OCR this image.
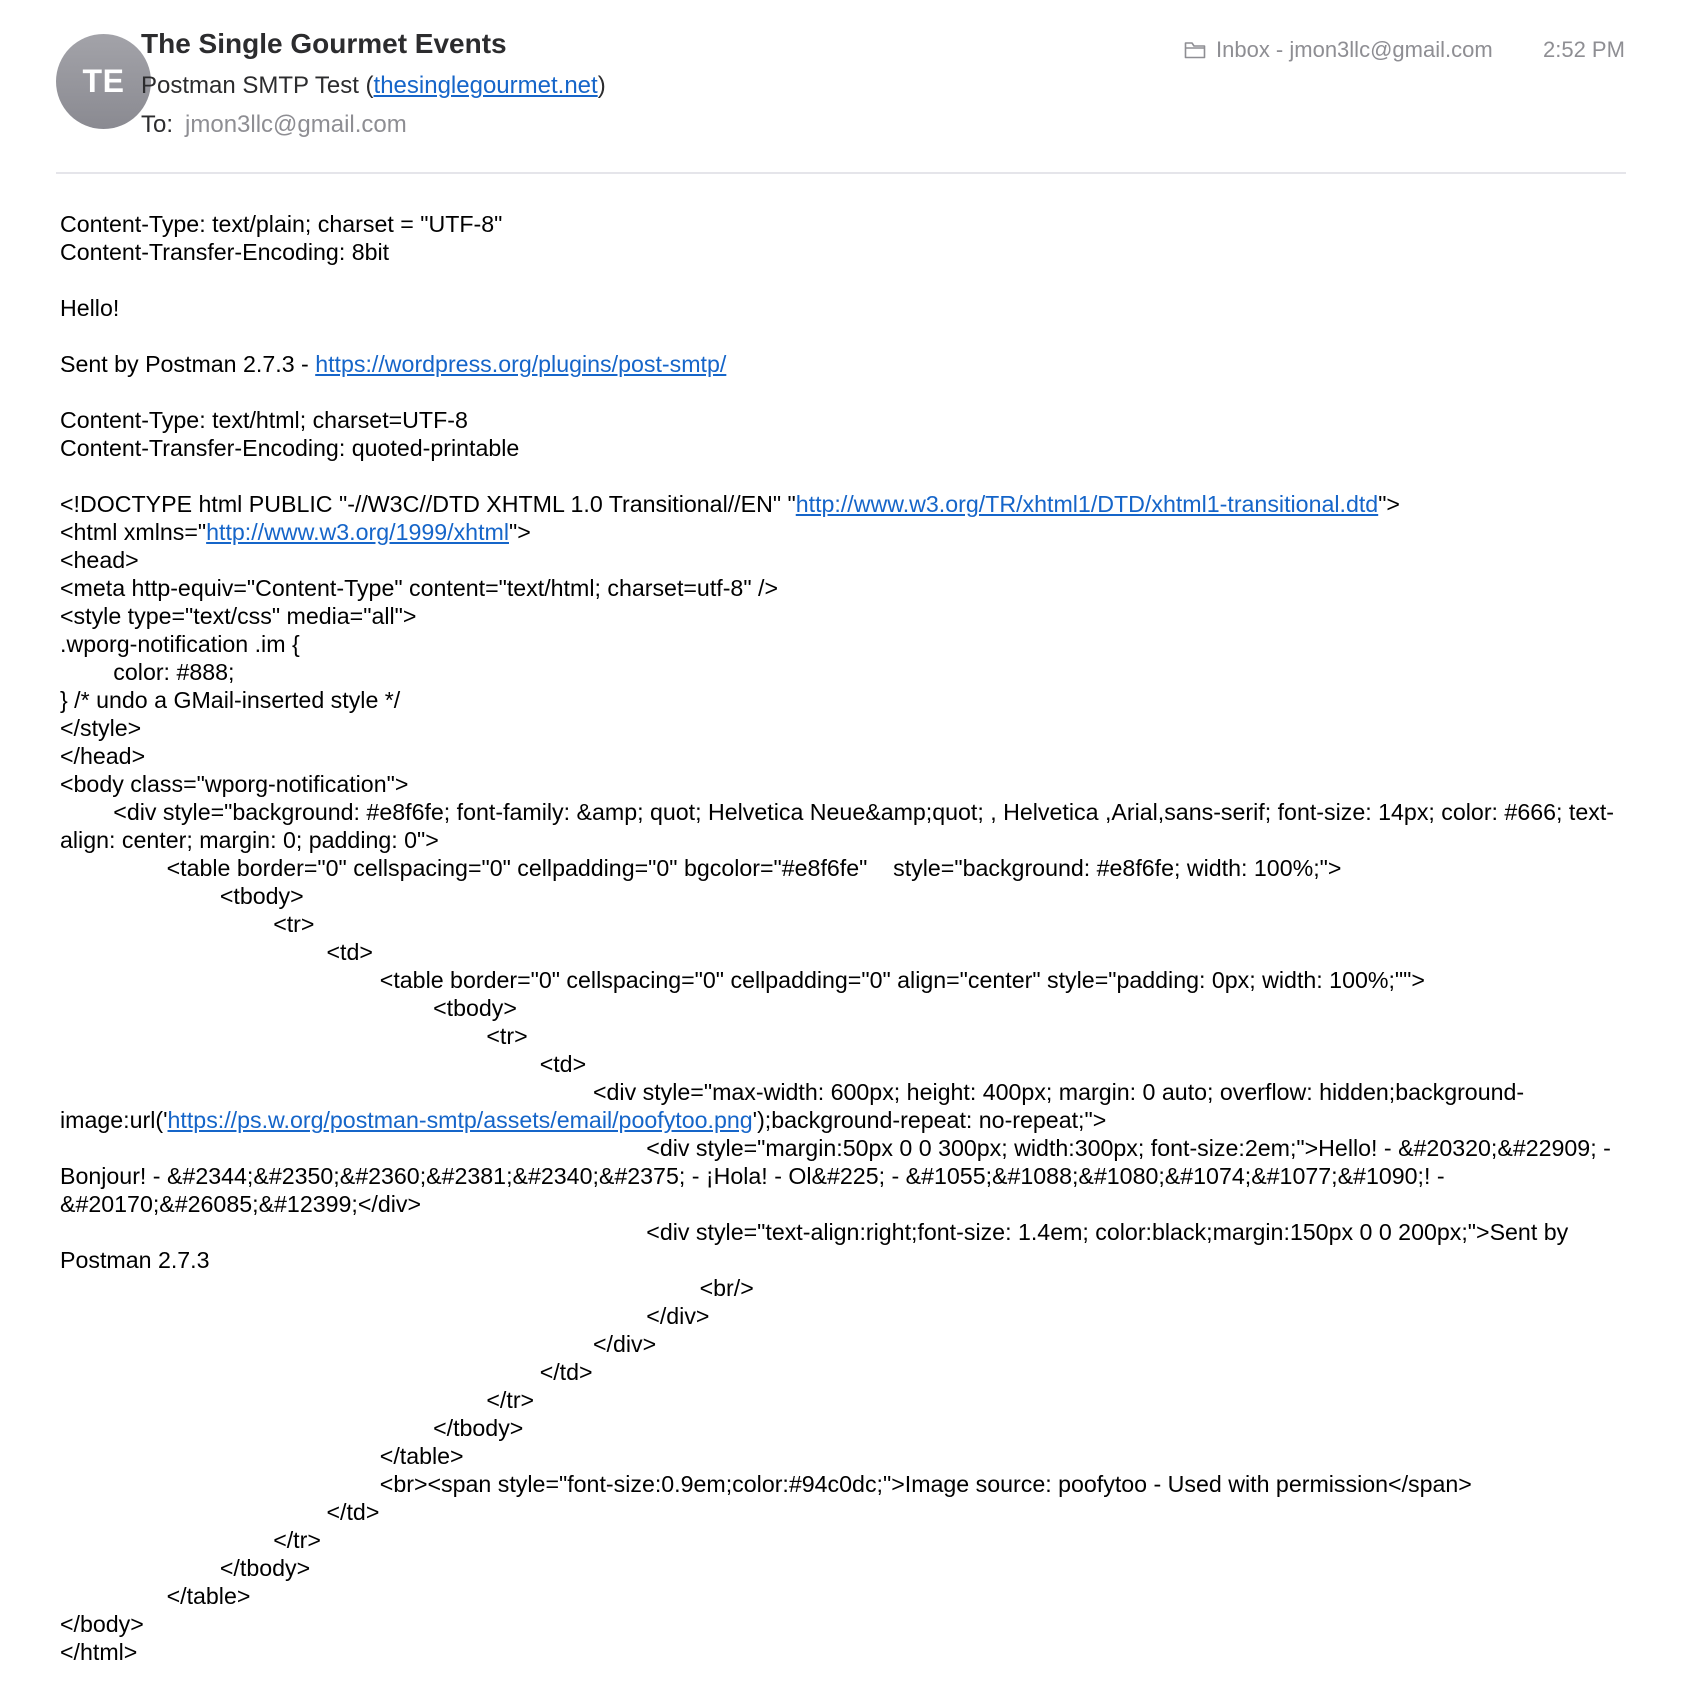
TE
The Single Gourmet Events
Postman SMTP Test (thesinglegourmet.net)
To: jmon3llc@gmail.com
Inbox - jmon3llc@gmail.com 2:52 PM
Content-Type: text/plain; charset = "UTF-8"
Content-Transfer-Encoding: 8bit
Hello!
Sent by Postman 2.7.3 - https://wordpress.org/plugins/post-smtp/
Content-Type: text/html; charset=UTF-8
Content-Transfer-Encoding: quoted-printable
<!DOCTYPE html PUBLIC "-//W3C//DTD XHTML 1.0 Transitional//EN" "http://www.w3.org/TR/xhtml1/DTD/xhtml1-transitional.dtd">
<html xmlns="http://www.w3.org/1999/xhtml">
<head>
<meta http-equiv="Content-Type" content="text/html; charset=utf-8" />
<style type="text/css" media="all">
.wporg-notification .im {
color: #888;
} /* undo a GMail-inserted style */
</style>
</head>
<body class="wporg-notification">
<div style="background: #e8f6fe; font-family: &amp; quot; Helvetica Neue&amp;quot; , Helvetica ,Arial,sans-serif; font-size: 14px; color: #666; text-align: center; margin: 0; padding: 0">
<table border="0" cellspacing="0" cellpadding="0" bgcolor="#e8f6fe"    style="background: #e8f6fe; width: 100%;">
<tbody>
<tr>
<td>
<table border="0" cellspacing="0" cellpadding="0" align="center" style="padding: 0px; width: 100%;"">
<tbody>
<tr>
<td>
<div style="max-width: 600px; height: 400px; margin: 0 auto; overflow: hidden;background-image:url('https://ps.w.org/postman-smtp/assets/email/poofytoo.png');background-repeat: no-repeat;">
<div style="margin:50px 0 0 300px; width:300px; font-size:2em;">Hello! - &#20320;&#22909; - Bonjour! - &#2344;&#2350;&#2360;&#2381;&#2340;&#2375; - ¡Hola! - Ol&#225; - &#1055;&#1088;&#1080;&#1074;&#1077;&#1090;! - &#20170;&#26085;&#12399;</div>
<div style="text-align:right;font-size: 1.4em; color:black;margin:150px 0 0 200px;">Sent by Postman 2.7.3
<br/>
</div>
</div>
</td>
</tr>
</tbody>
</table>
<br><span style="font-size:0.9em;color:#94c0dc;">Image source: poofytoo - Used with permission</span>
</td>
</tr>
</tbody>
</table>
</body>
</html>
